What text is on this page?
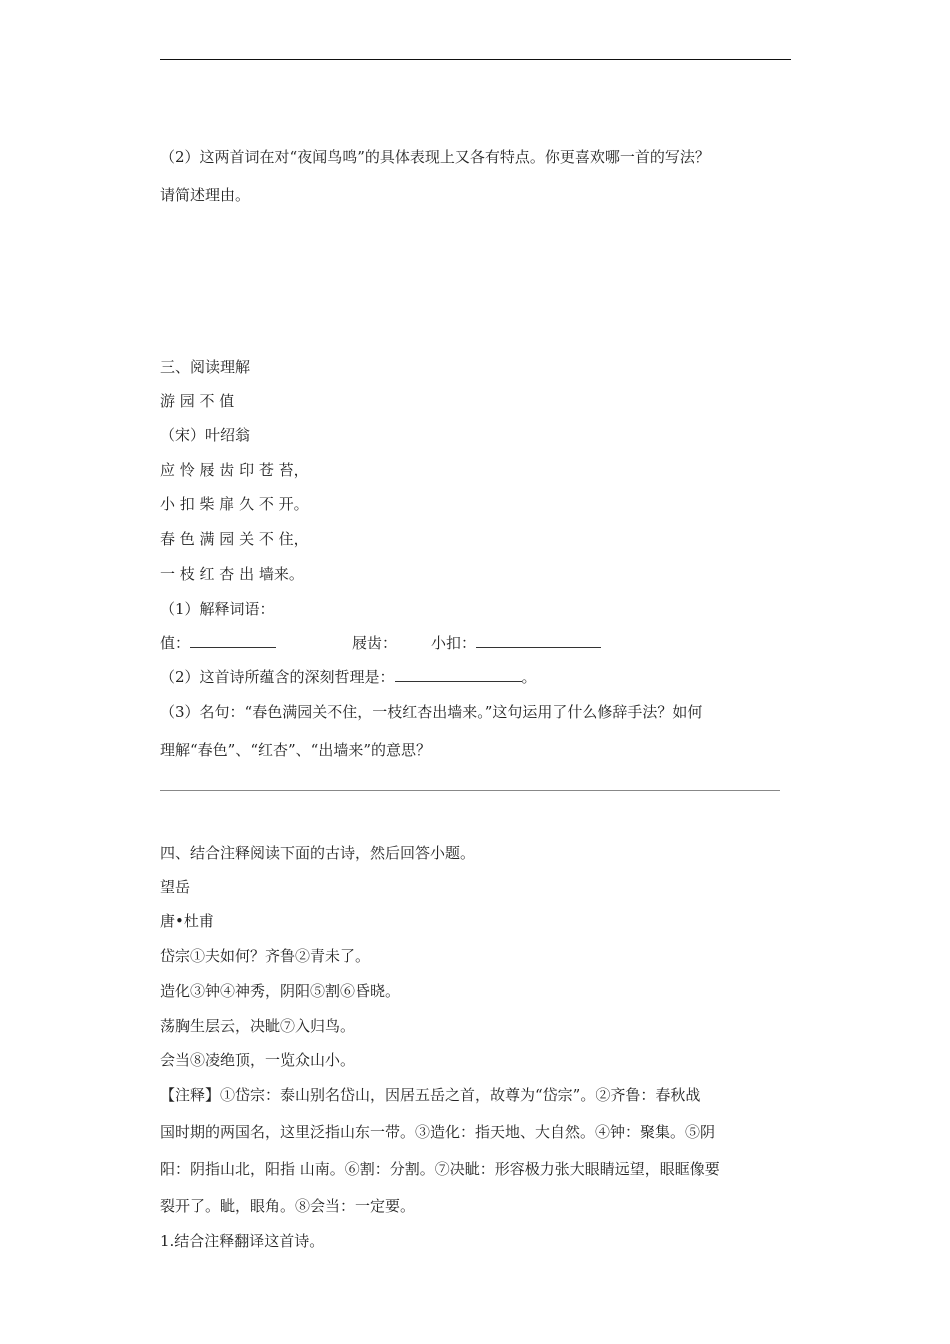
（2）这两首词在对“夜闻鸟鸣”的具体表现上又各有特点。你更喜欢哪一首的写法？
请简述理由。
三、阅读理解
游 园 不 值
（宋）叶绍翁
应 怜 屐 齿 印 苍 苔，
小 扣 柴 扉 久 不 开。
春 色 满 园 关 不 住，
一 枝 红 杏 出 墙来。
（1）解释词语：
值：	屐齿： 小扣：
（2）这首诗所蕴含的深刻哲理是：	。
（3）名句：“春色满园关不住，一枝红杏出墙来。”这句运用了什么修辞手法？如何
理解“春色”、“红杏”、“出墙来”的意思？
四、结合注释阅读下面的古诗，然后回答小题。
望岳
唐•杜甫
岱宗①夫如何？齐鲁②青未了。
造化③钟④神秀，阴阳⑤割⑥昏晓。
荡胸生层云，决眦⑦入归鸟。
会当⑧凌绝顶，一览众山小。
【注释】①岱宗：泰山别名岱山，因居五岳之首，故尊为“岱宗”。②齐鲁：春秋战
国时期的两国名，这里泛指山东一带。③造化：指天地、大自然。④钟：聚集。⑤阴
阳：阴指山北，阳指 山南。⑥割：分割。⑦决眦：形容极力张大眼睛远望，眼眶像要
裂开了。眦，眼角。⑧会当：一定要。
1.结合注释翻译这首诗。
